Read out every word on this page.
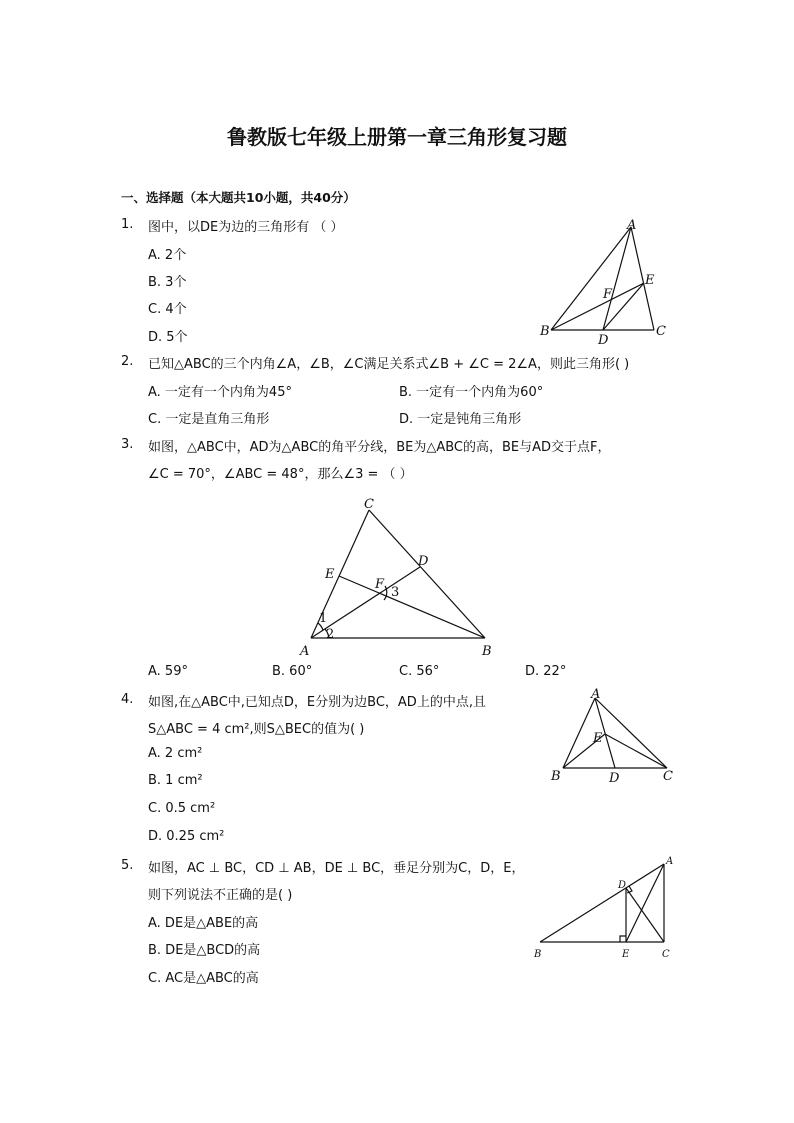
鲁教版七年级上册第一章三角形复习题
一、选择题（本大题共10小题，共40分）
1. 图中，以DE为边的三角形有 （ ）
A. 2个
B. 3个
C. 4个
D. 5个
A
B	C
D
E
F
2. 已知△ABC的三个内角∠A，∠B，∠C满足关系式∠B + ∠C = 2∠A，则此三角形( )
A. 一定有一个内角为45°	B. 一定有一个内角为60°
C. 一定是直角三角形	D. 一定是钝角三角形
3. 如图，△ABC中，AD为△ABC的角平分线，BE为△ABC的高，BE与AD交于点F，
∠C = 70°，∠ABC = 48°，那么∠3 = （ ）
C
E
D
F
A	B
1
2
3
A. 59°	B. 60°	C. 56°	D. 22°
4. 如图,在△ABC中,已知点D，E分别为边BC，AD上的中点,且
S△ABC = 4 cm²,则S△BEC的值为( )
A. 2 cm²
B. 1 cm²
C. 0.5 cm²
D. 0.25 cm²
A
B	C
D
E
5. 如图，AC ⊥ BC，CD ⊥ AB，DE ⊥ BC，垂足分别为C，D，E，
则下列说法不正确的是( )
A. DE是△ABE的高
B. DE是△BCD的高
C. AC是△ABC的高
A
B	C
D
E
